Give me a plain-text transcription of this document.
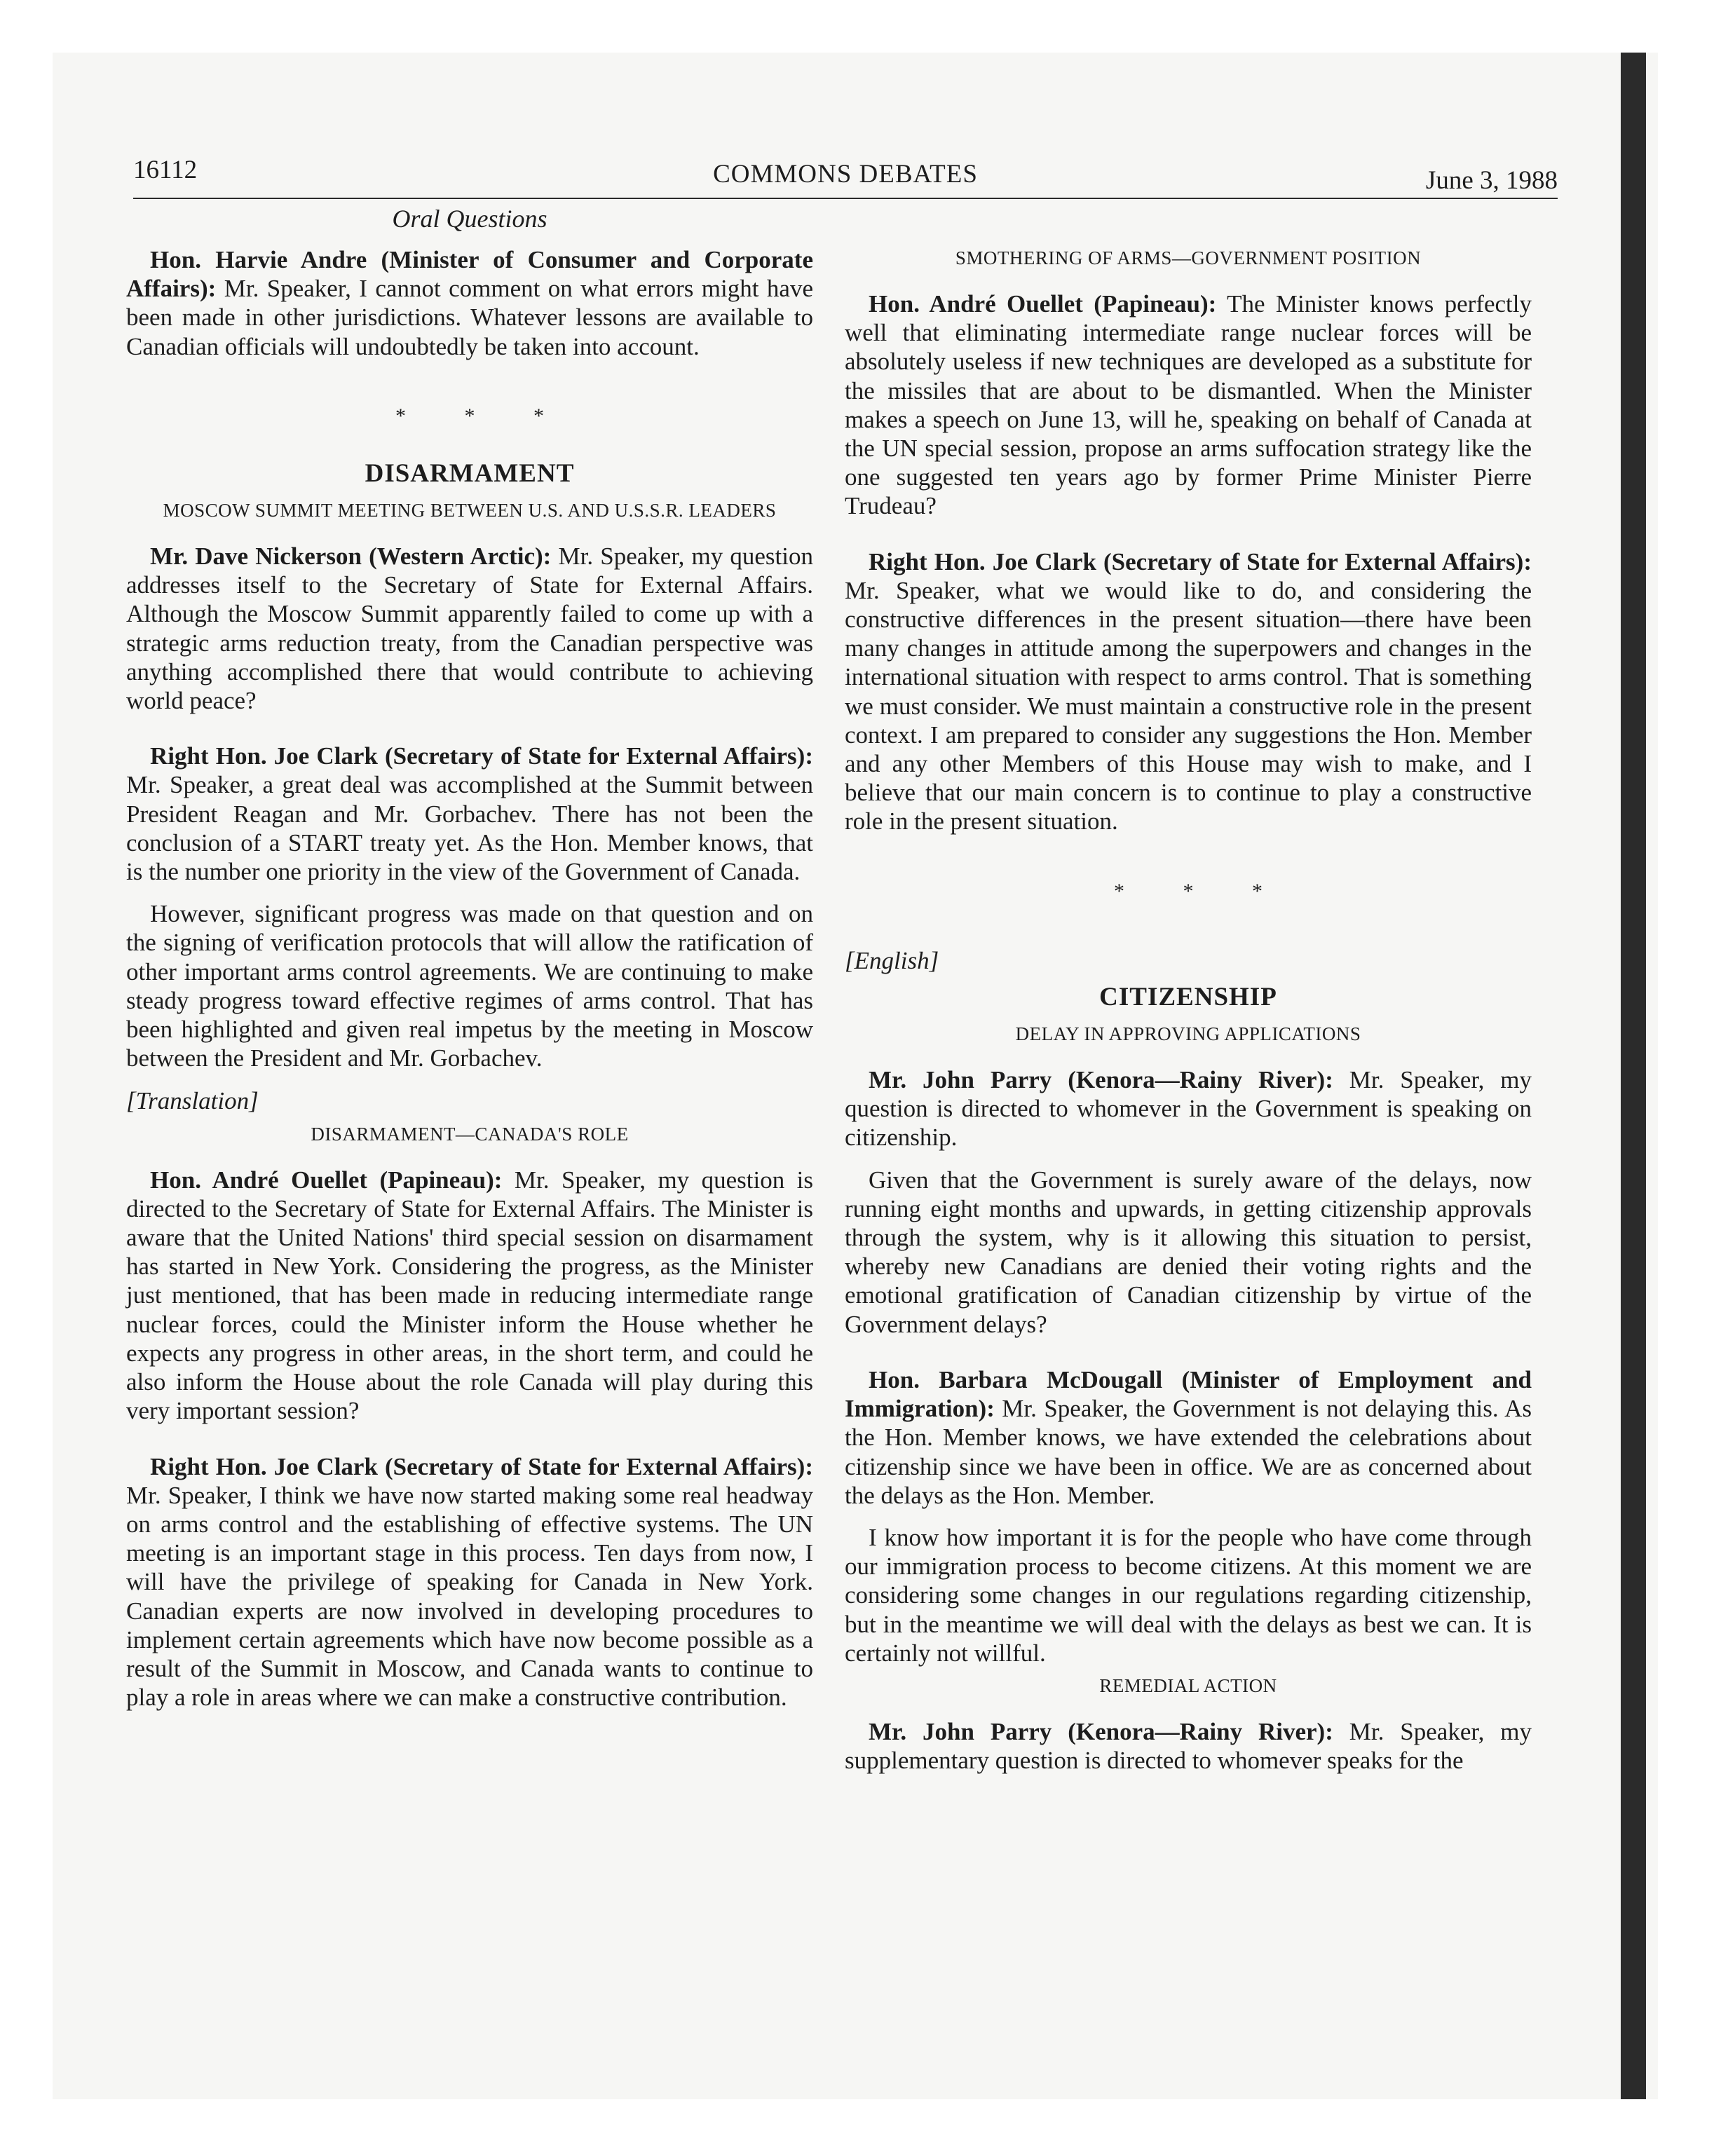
16112	COMMONS DEBATES	June 3, 1988
Oral Questions

Hon. Harvie Andre (Minister of Consumer and Corporate Affairs): Mr. Speaker, I cannot comment on what errors might have been made in other jurisdictions. Whatever lessons are available to Canadian officials will undoubtedly be taken into account.

* * *
DISARMAMENT
MOSCOW SUMMIT MEETING BETWEEN U.S. AND U.S.S.R. LEADERS

Mr. Dave Nickerson (Western Arctic): Mr. Speaker, my question addresses itself to the Secretary of State for External Affairs. Although the Moscow Summit apparently failed to come up with a strategic arms reduction treaty, from the Canadian perspective was anything accomplished there that would contribute to achieving world peace?

Right Hon. Joe Clark (Secretary of State for External Affairs): Mr. Speaker, a great deal was accomplished at the Summit between President Reagan and Mr. Gorbachev. There has not been the conclusion of a START treaty yet. As the Hon. Member knows, that is the number one priority in the view of the Government of Canada.

However, significant progress was made on that question and on the signing of verification protocols that will allow the ratification of other important arms control agreements. We are continuing to make steady progress toward effective regimes of arms control. That has been highlighted and given real impetus by the meeting in Moscow between the President and Mr. Gorbachev.

[Translation]
DISARMAMENT—CANADA'S ROLE

Hon. André Ouellet (Papineau): Mr. Speaker, my question is directed to the Secretary of State for External Affairs. The Minister is aware that the United Nations' third special session on disarmament has started in New York. Considering the progress, as the Minister just mentioned, that has been made in reducing intermediate range nuclear forces, could the Minister inform the House whether he expects any progress in other areas, in the short term, and could he also inform the House about the role Canada will play during this very important session?

Right Hon. Joe Clark (Secretary of State for External Affairs): Mr. Speaker, I think we have now started making some real headway on arms control and the establishing of effective systems. The UN meeting is an important stage in this process. Ten days from now, I will have the privilege of speaking for Canada in New York. Canadian experts are now involved in developing procedures to implement certain agreements which have now become possible as a result of the Summit in Moscow, and Canada wants to continue to play a role in areas where we can make a constructive contribution.

SMOTHERING OF ARMS—GOVERNMENT POSITION

Hon. André Ouellet (Papineau): The Minister knows perfectly well that eliminating intermediate range nuclear forces will be absolutely useless if new techniques are developed as a substitute for the missiles that are about to be dismantled. When the Minister makes a speech on June 13, will he, speaking on behalf of Canada at the UN special session, propose an arms suffocation strategy like the one suggested ten years ago by former Prime Minister Pierre Trudeau?

Right Hon. Joe Clark (Secretary of State for External Affairs): Mr. Speaker, what we would like to do, and considering the constructive differences in the present situation—there have been many changes in attitude among the superpowers and changes in the international situation with respect to arms control. That is something we must consider. We must maintain a constructive role in the present context. I am prepared to consider any suggestions the Hon. Member and any other Members of this House may wish to make, and I believe that our main concern is to continue to play a constructive role in the present situation.

* * *
[English]
CITIZENSHIP
DELAY IN APPROVING APPLICATIONS

Mr. John Parry (Kenora—Rainy River): Mr. Speaker, my question is directed to whomever in the Government is speaking on citizenship.

Given that the Government is surely aware of the delays, now running eight months and upwards, in getting citizenship approvals through the system, why is it allowing this situation to persist, whereby new Canadians are denied their voting rights and the emotional gratification of Canadian citizenship by virtue of the Government delays?

Hon. Barbara McDougall (Minister of Employment and Immigration): Mr. Speaker, the Government is not delaying this. As the Hon. Member knows, we have extended the celebrations about citizenship since we have been in office. We are as concerned about the delays as the Hon. Member.

I know how important it is for the people who have come through our immigration process to become citizens. At this moment we are considering some changes in our regulations regarding citizenship, but in the meantime we will deal with the delays as best we can. It is certainly not willful.

REMEDIAL ACTION

Mr. John Parry (Kenora—Rainy River): Mr. Speaker, my supplementary question is directed to whomever speaks for the
